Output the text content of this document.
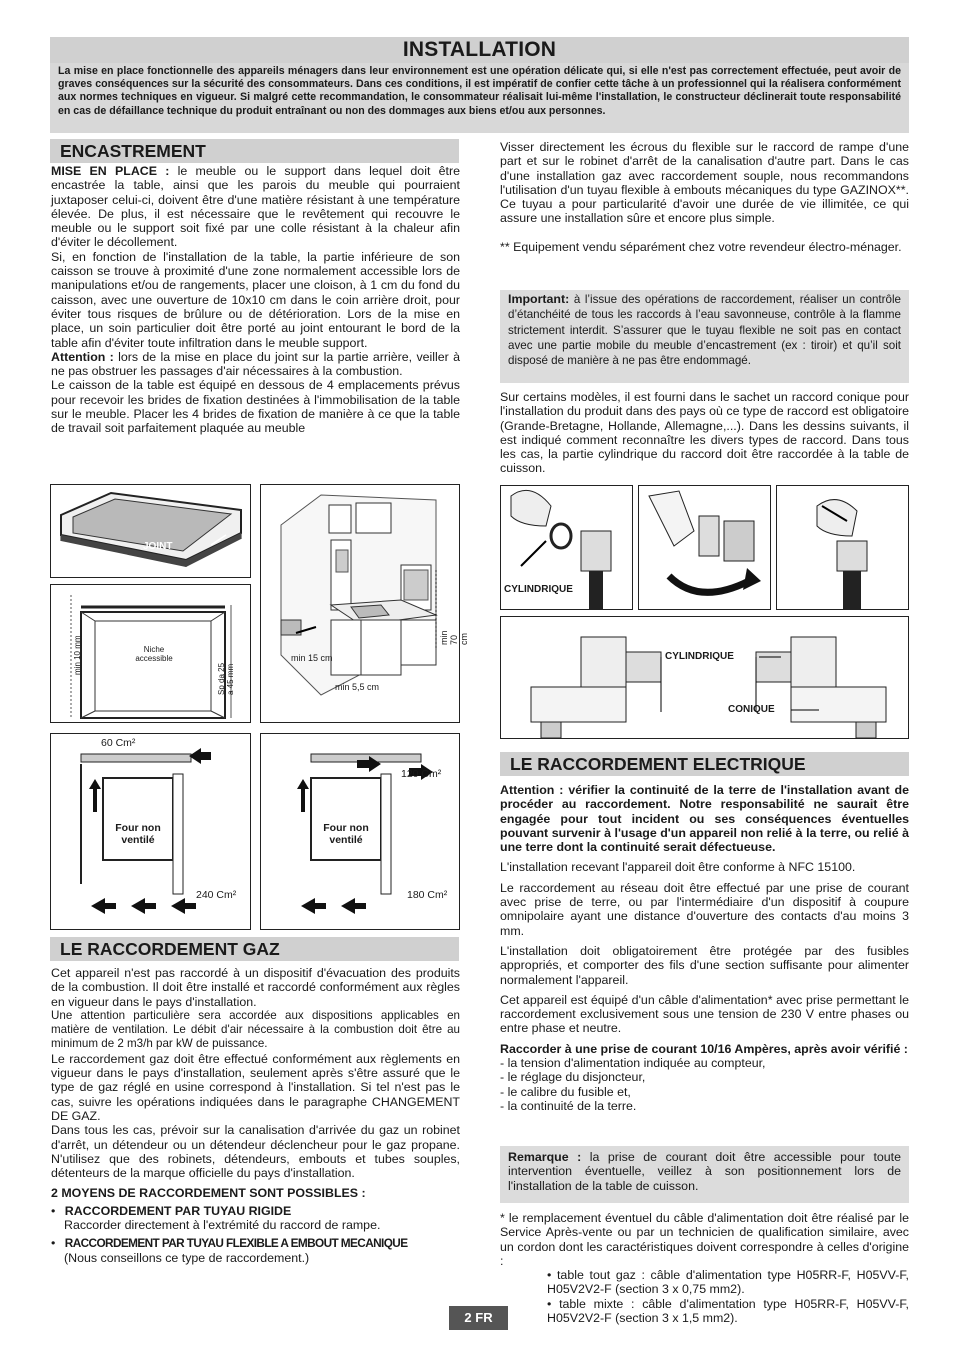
INSTALLATION

La mise en place fonctionnelle des appareils ménagers dans leur environnement est une opération délicate qui, si elle n'est pas correctement effectuée, peut avoir de graves conséquences sur la sécurité des consommateurs. Dans ces conditions, il est impératif de confier cette tâche à un professionnel qui la réalisera conformément aux normes techniques en vigueur. Si malgré cette recommandation, le consommateur réalisait lui-même l'installation, le constructeur déclinerait toute responsabilité en cas de défaillance technique du produit entraînant ou non des dommages aux biens et/ou aux personnes.

ENCASTREMENT

MISE EN PLACE : le meuble ou le support dans lequel doit être encastrée la table, ainsi que les parois du meuble qui pourraient juxtaposer celui-ci, doivent être d'une matière résistant à une température élevée. De plus, il est nécessaire que le revêtement qui recouvre le meuble ou le support soit fixé par une colle résistant à la chaleur afin d'éviter le décollement.

Si, en fonction de l'installation de la table, la partie inférieure de son caisson se trouve à proximité d'une zone normalement accessible lors de manipulations et/ou de rangements, placer une cloison, à 1 cm du fond du caisson, avec une ouverture de 10x10 cm dans le coin arrière droit, pour éviter tous risques de brûlure ou de détérioration. Lors de la mise en place, un soin particulier doit être porté au joint entourant le bord de la table afin d'éviter toute infiltration dans le meuble support.

Attention : lors de la mise en place du joint sur la partie arrière, veiller à ne pas obstruer les passages d'air nécessaires à la combustion.

Le caisson de la table est équipé en dessous de 4 emplacements prévus pour recevoir les brides de fixation destinées à l'immobilisation de la table sur le meuble. Placer les 4 brides de fixation de manière à ce que la table de travail soit parfaitement plaquée au meuble

JOINT
min 15 cm
min 5,5 cm
min 70 cm
Niche accessible
min 10 mm
Sp da 25 a 45 mm
60 Cm²
240 Cm²
Four non ventilé
120 Cm²
180 Cm²
Four non ventilé
LE RACCORDEMENT GAZ

Cet appareil n'est pas raccordé à un dispositif d'évacuation des produits de la combustion. Il doit être installé et raccordé conformément aux règles en vigueur dans le pays d'installation.

Une attention particulière sera accordée aux dispositions applicables en matière de ventilation. Le débit d'air nécessaire à la combustion doit être au minimum de 2 m3/h par kW de puissance.

Le raccordement gaz doit être effectué conformément aux règlements en vigueur dans le pays d'installation, seulement après s'être assuré que le type de gaz réglé en usine correspond à l'installation. Si tel n'est pas le cas, suivre les opérations indiquées dans le paragraphe CHANGEMENT DE GAZ.

Dans tous les cas, prévoir sur la canalisation d'arrivée du gaz un robinet d'arrêt, un détendeur ou un détendeur déclencheur pour le gaz propane. N'utilisez que des robinets, détendeurs, embouts et tubes souples, détenteurs de la marque officielle du pays d'installation.

2 MOYENS DE RACCORDEMENT SONT POSSIBLES :

• RACCORDEMENT PAR TUYAU RIGIDE
Raccorder directement à l'extrémité du raccord de rampe.
• RACCORDEMENT PAR TUYAU FLEXIBLE A EMBOUT MECANIQUE
(Nous conseillons ce type de raccordement.)

Visser directement les écrous du flexible sur le raccord de rampe d'une part et sur le robinet d'arrêt de la canalisation d'autre part. Dans le cas d'une installation gaz avec raccordement souple, nous recommandons l'utilisation d'un tuyau flexible à embouts mécaniques du type GAZINOX**. Ce tuyau a pour particularité d'avoir une durée de vie illimitée, ce qui assure une installation sûre et encore plus simple.

** Equipement vendu séparément chez votre revendeur électro-ménager.

Important: à l’issue des opérations de raccordement, réaliser un contrôle d’étanchéité de tous les raccords à l’eau savonneuse, contrôle à la flamme strictement interdit. S’assurer que le tuyau flexible ne soit pas en contact avec une partie mobile du meuble d’encastrement (ex : tiroir) et qu’il soit disposé de manière à ne pas être endommagé.

Sur certains modèles, il est fourni dans le sachet un raccord conique pour l'installation du produit dans des pays où ce type de raccord est obligatoire (Grande-Bretagne, Hollande, Allemagne,...). Dans les dessins suivants, il est indiqué comment reconnaître les divers types de raccord. Dans tous les cas, la partie cylindrique du raccord doit être raccordée à la table de cuisson.

CYLINDRIQUE
CYLINDRIQUE
CONIQUE
LE RACCORDEMENT ELECTRIQUE

Attention : vérifier la continuité de la terre de l'installation avant de procéder au raccordement. Notre responsabilité ne saurait être engagée pour tout incident ou ses conséquences éventuelles pouvant survenir à l'usage d'un appareil non relié à la terre, ou relié à une terre dont la continuité serait défectueuse.

L'installation recevant l'appareil doit être conforme à NFC 15100.

Le raccordement au réseau doit être effectué par une prise de courant avec prise de terre, ou par l'intermédiaire d'un dispositif à coupure omnipolaire ayant une distance d'ouverture des contacts d'au moins 3 mm.

L'installation doit obligatoirement être protégée par des fusibles appropriés, et comporter des fils d'une section suffisante pour alimenter normalement l'appareil.

Cet appareil est équipé d'un câble d'alimentation* avec prise permettant le raccordement exclusivement sous une tension de 230 V entre phases ou entre phase et neutre.

Raccorder à une prise de courant 10/16 Ampères, après avoir vérifié :

- la tension d'alimentation indiquée au compteur,

- le réglage du disjoncteur,

- le calibre du fusible et,

- la continuité de la terre.

Remarque : la prise de courant doit être accessible pour toute intervention éventuelle, veillez à son positionnement lors de l'installation de la table de cuisson.

* le remplacement éventuel du câble d'alimentation doit être réalisé par le Service Après-vente ou par un technicien de qualification similaire, avec un cordon dont les caractéristiques doivent correspondre à celles d'origine :

• table tout gaz : câble d'alimentation type H05RR-F, H05VV-F, H05V2V2-F (section 3 x 0,75 mm2).

• table mixte : câble d'alimentation type H05RR-F, H05VV-F, H05V2V2-F (section 3 x 1,5 mm2).

2 FR
